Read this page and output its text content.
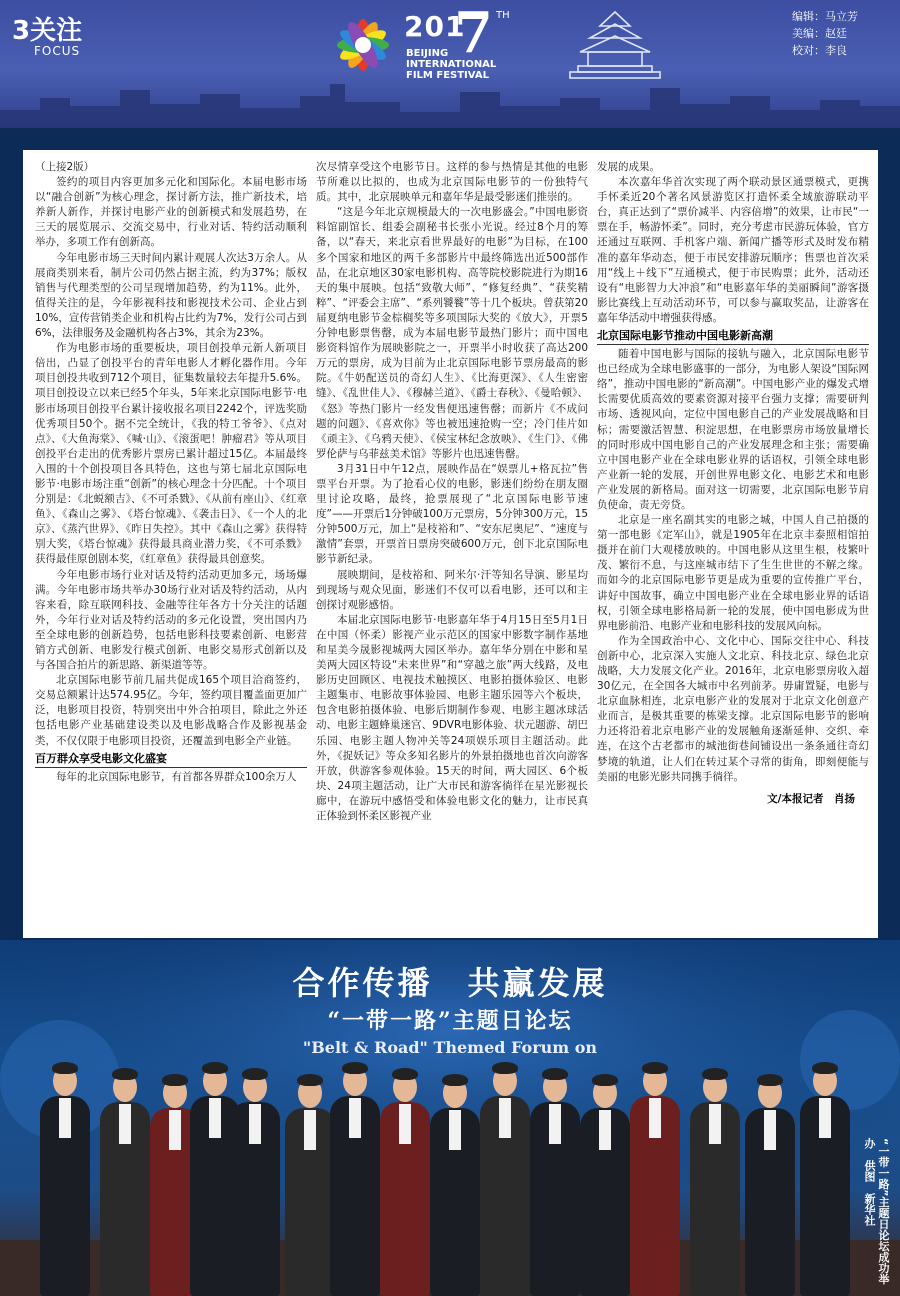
3关注
FOCUS
201
7 TH
BEIJING
INTERNATIONAL
FILM FESTIVAL
编辑：马立芳
美编：赵廷
校对：李良

（上接2版）

签约的项目内容更加多元化和国际化。本届电影市场以“融合创新”为核心理念，探讨新方法，推广新技术，培养新人新作，并探讨电影产业的创新模式和发展趋势，在三天的展览展示、交流交易中，行业对话、特约活动顺利举办，多项工作有创新高。

今年电影市场三天时间内累计观展人次达3万余人。从展商类别来看，制片公司仍然占据主流，约为37%；版权销售与代理类型的公司呈现增加趋势，约为11%。此外，值得关注的是，今年影视科技和影视技术公司、企业占到10%，宣传营销类企业和机构占比约为7%，发行公司占到6%，法律服务及金融机构各占3%，其余为23%。

作为电影市场的重要板块，项目创投单元新人新项目倍出，凸显了创投平台的青年电影人才孵化器作用。今年项目创投共收到712个项目，征集数量较去年提升5.6%。项目创投设立以来已经5个年头，5年来北京国际电影节·电影市场项目创投平台累计接收报名项目2242个，评选奖励优秀项目50个。据不完全统计，《我的特工爷爷》、《点对点》、《大鱼海棠》、《喊·山》、《滚蛋吧！肿瘤君》等从项目创投平台走出的优秀影片票房已累计超过15亿。本届最终入围的十个创投项目各具特色，这也与第七届北京国际电影节·电影市场注重“创新”的核心理念十分匹配。十个项目分别是：《北蜕额吉》、《不可杀戮》、《从前有座山》、《红章鱼》、《森山之雾》、《塔台惊魂》、《袭击日》、《一个人的北京》、《蒸汽世界》、《昨日失控》。其中《森山之雾》获得特别大奖，《塔台惊魂》获得最具商业潜力奖，《不可杀戮》获得最佳原创剧本奖，《红章鱼》获得最具创意奖。

今年电影市场行业对话及特约活动更加多元，场场爆满。今年电影市场共举办30场行业对话及特约活动，从内容来看，除互联网科技、金融等往年各方十分关注的话题外，今年行业对话及特约活动的多元化设置，突出国内乃至全球电影的创新趋势，包括电影科技要素创新、电影营销方式创新、电影发行模式创新、电影交易形式创新以及与各国合拍片的新思路、新渠道等等。

北京国际电影节前几届共促成165个项目洽商签约，交易总额累计达574.95亿。今年，签约项目覆盖面更加广泛，电影项目投资，特别突出中外合拍项目，除此之外还包括电影产业基础建设类以及电影战略合作及影视基金类，不仅仅限于电影项目投资，还覆盖到电影全产业链。

百万群众享受电影文化盛宴

每年的北京国际电影节，有首都各界群众100余万人

次尽情享受这个电影节日。这样的参与热情是其他的电影节所难以比拟的，也成为北京国际电影节的一份独特气质。其中，北京展映单元和嘉年华是最受影迷们推崇的。

“这是今年北京规模最大的一次电影盛会。”中国电影资料馆副馆长、组委会副秘书长张小光说。经过8个月的筹备，以“春天，来北京看世界最好的电影”为目标，在100多个国家和地区的两千多部影片中最终筛选出近500部作品，在北京地区30家电影机构、高等院校影院进行为期16天的集中展映。包括“致敬大师”、“修复经典”、“获奖精粹”、“评委会主席”、“系列饕餮”等十几个板块。曾获第20届夏纳电影节金棕榈奖等多项国际大奖的《放大》，开票5分钟电影票售罄，成为本届电影节最热门影片；而中国电影资料馆作为展映影院之一，开票半小时收获了高达200万元的票房，成为目前为止北京国际电影节票房最高的影院。《牛奶配送员的奇幻人生》、《比海更深》、《人生密密缝》、《乱世佳人》、《穆赫兰道》、《爵士春秋》、《曼哈顿》、《怒》等热门影片一经发售便迅速售罄；而新片《不成问题的问题》、《喜欢你》等也被迅速抢购一空；冷门佳片如《顽主》、《乌鸦天使》、《侯宝林纪念放映》、《生门》、《佛罗伦萨与乌菲兹美术馆》等影片也迅速售罄。

3月31日中午12点，展映作品在“娱票儿+格瓦拉”售票平台开票。为了抢看心仪的电影，影迷们纷纷在朋友圈里讨论攻略，最终，抢票展现了“北京国际电影节速度”——开票后1分钟破100万元票房，5分钟300万元，15分钟500万元，加上“是枝裕和”、“安东尼奥尼”、“速度与激情”套票，开票首日票房突破600万元，创下北京国际电影节新纪录。

展映期间，是枝裕和、阿米尔·汗等知名导演、影星均到现场与观众见面，影迷们不仅可以看电影，还可以和主创探讨观影感悟。

本届北京国际电影节·电影嘉年华于4月15日至5月1日在中国（怀柔）影视产业示范区的国家中影数字制作基地和星美今晟影视城两大园区举办。嘉年华分别在中影和星美两大园区特设“未来世界”和“穿越之旅”两大线路，及电影历史回顾区、电视技术触摸区、电影拍摄体验区、电影主题集市、电影故事体验园、电影主题乐园等六个板块，包含电影拍摄体验、电影后期制作参观、电影主题冰球活动、电影主题蜂巢迷宫、9DVR电影体验、状元题游、胡巴乐园、电影主题人物冲关等24项娱乐项目主题活动。此外，《捉妖记》等众多知名影片的外景拍摄地也首次向游客开放，供游客参观体验。15天的时间，两大园区、6个板块、24项主题活动，让广大市民和游客徜徉在星光影视长廊中，在游玩中感悟受和体验电影文化的魅力，让市民真正体验到怀柔区影视产业

发展的成果。

本次嘉年华首次实现了两个联动景区通票模式，更携手怀柔近20个著名风景游览区打造怀柔全域旅游联动平台，真正达到了“票价减半、内容倍增”的效果，让市民“一票在手，畅游怀柔”。同时，充分考虑市民游玩体验，官方还通过互联网、手机客户端、新闻广播等形式及时发布精准的嘉年华动态，便于市民安排游玩顺序；售票也首次采用“线上＋线下”互通模式，便于市民购票；此外，活动还设有“电影智力大冲浪”和“电影嘉年华的美丽瞬间”游客摄影比赛线上互动活动环节，可以参与赢取奖品，让游客在嘉年华活动中增强获得感。

北京国际电影节推动中国电影新高潮

随着中国电影与国际的接轨与融入，北京国际电影节也已经成为全球电影盛事的一部分，为电影人架设“国际网络”，推动中国电影的“新高潮”。中国电影产业的爆发式增长需要优质高效的要素资源对接平台强力支撑；需要研判市场、透视风向，定位中国电影自己的产业发展战略和目标；需要激活智慧、积淀思想，在电影票房市场放量增长的同时形成中国电影自己的产业发展理念和主张；需要确立中国电影产业在全球电影业界的话语权，引领全球电影产业新一轮的发展，开创世界电影文化、电影艺术和电影产业发展的新格局。面对这一切需要，北京国际电影节肩负使命，责无旁贷。

北京是一座名副其实的电影之城，中国人自己拍摄的第一部电影《定军山》，就是1905年在北京丰泰照相馆拍摄并在前门大观楼放映的。中国电影从这里生根，枝繁叶茂、繁衍不息，与这座城市结下了生生世世的不解之缘。而如今的北京国际电影节更是成为重要的宣传推广平台，讲好中国故事，确立中国电影产业在全球电影业界的话语权，引领全球电影格局新一轮的发展，使中国电影成为世界电影前沿、电影产业和电影科技的发展风向标。

作为全国政治中心、文化中心、国际交往中心、科技创新中心，北京深入实施人文北京、科技北京、绿色北京战略，大力发展文化产业。2016年，北京电影票房收入超30亿元，在全国各大城市中名列前茅。毋庸置疑，电影与北京血脉相连，北京电影产业的发展对于北京文化创意产业而言，是极其重要的栋梁支撑。北京国际电影节的影响力还将沿着北京电影产业的发展触角逐渐延伸、交织、牵连，在这个古老都市的城池街巷间铺设出一条条通往奇幻梦境的轨道，让人们在转过某个寻常的街角，即刻便能与美丽的电影光影共同携手徜徉。

文/本报记者　肖扬
合作传播　共赢发展
“一带一路”主题日论坛
"Belt & Road" Themed Forum on
“一带一路”主题日论坛成功举办　供图　新华社
